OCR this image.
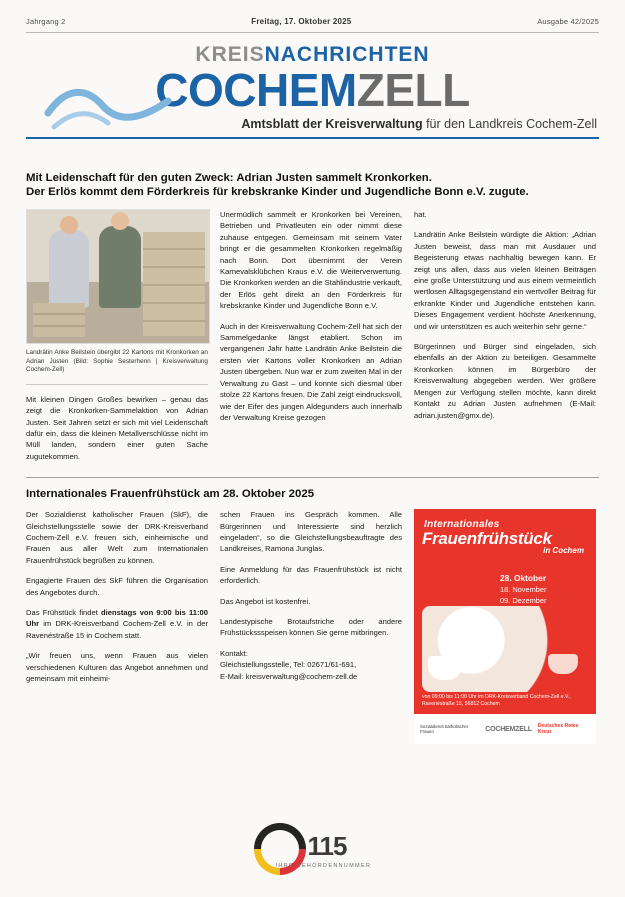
Jahrgang 2	Freitag, 17. Oktober 2025	Ausgabe 42/2025
KREISNACHRICHTEN
COCHEMZELL
Amtsblatt der Kreisverwaltung für den Landkreis Cochem-Zell
Mit Leidenschaft für den guten Zweck: Adrian Justen sammelt Kronkorken.
Der Erlös kommt dem Förderkreis für krebskranke Kinder und Jugendliche Bonn e.V. zugute.
Landrätin Anke Beilstein übergibt 22 Kartons mit Kronkorken an Adrian Justen (Bild: Sophie Sesterhenn | Kreisverwaltung Cochem-Zell)

Mit kleinen Dingen Großes bewirken – genau das zeigt die Kronkorken-Sammelaktion von Adrian Justen. Seit Jahren setzt er sich mit viel Leidenschaft dafür ein, dass die kleinen Metallverschlüsse nicht im Müll landen, sondern einer guten Sache zugutekommen.

Unermüdlich sammelt er Kronkorken bei Vereinen, Betrieben und Privatleuten ein oder nimmt diese zuhause entgegen. Gemeinsam mit seinem Vater bringt er die gesammelten Kronkorken regelmäßig nach Bonn. Dort übernimmt der Verein Karnevalsklübchen Kraus e.V. die Weiterverwertung. Die Kronkorken werden an die Stahlindustrie verkauft, der Erlös geht direkt an den Förderkreis für krebskranke Kinder und Jugendliche Bonn e.V.

Auch in der Kreisverwaltung Cochem-Zell hat sich der Sammelgedanke längst etabliert. Schon im vergangenen Jahr hatte Landrätin Anke Beilstein die ersten vier Kartons voller Kronkorken an Adrian Justen übergeben. Nun war er zum zweiten Mal in der Verwaltung zu Gast – und konnte sich diesmal über stolze 22 Kartons freuen. Die Zahl zeigt eindrucksvoll, wie der Eifer des jungen Aldegunders auch innerhalb der Verwaltung Kreise gezogen

hat.

Landrätin Anke Beilstein würdigte die Aktion: „Adrian Justen beweist, dass man mit Ausdauer und Begeisterung etwas nachhaltig bewegen kann. Er zeigt uns allen, dass aus vielen kleinen Beiträgen eine große Unterstützung und aus einem vermeintlich wertlosen Alltagsgegenstand ein wertvoller Beitrag für erkrankte Kinder und Jugendliche entstehen kann. Dieses Engagement verdient höchste Anerkennung, und wir unterstützen es auch weiterhin sehr gerne.“

Bürgerinnen und Bürger sind eingeladen, sich ebenfalls an der Aktion zu beteiligen. Gesammelte Kronkorken können im Bürgerbüro der Kreisverwaltung abgegeben werden. Wer größere Mengen zur Verfügung stellen möchte, kann direkt Kontakt zu Adrian Justen aufnehmen (E-Mail: adrian.justen@gmx.de).

Internationales Frauenfrühstück am 28. Oktober 2025

Der Sozialdienst katholischer Frauen (SkF), die Gleichstellungsstelle sowie der DRK-Kreisverband Cochem-Zell e.V. freuen sich, einheimische und Frauen aus aller Welt zum Internationalen Frauenfrühstück begrüßen zu können.

Engagierte Frauen des SkF führen die Organisation des Angebotes durch.

Das Frühstück findet dienstags von 9:00 bis 11:00 Uhr im DRK-Kreisverband Cochem-Zell e.V. in der Ravenéstraße 15 in Cochem statt.

„Wir freuen uns, wenn Frauen aus vielen verschiedenen Kulturen das Angebot annehmen und gemeinsam mit einheimi-

schen Frauen ins Gespräch kommen. Alle Bürgerinnen und Interessierte sind herzlich eingeladen“, so die Gleichstellungsbeauftragte des Landkreises, Ramona Junglas.

Eine Anmeldung für das Frauenfrühstück ist nicht erforderlich.

Das Angebot ist kostenfrei.

Landestypische Brotaufstriche oder andere Frühstückssspeisen können Sie gerne mitbringen.

Kontakt:
Gleichstellungsstelle, Tel: 02671/61-691,
E-Mail: kreisverwaltung@cochem-zell.de

Internationales
Frauenfrühstück
in Cochem
28. Oktober
18. November
09. Dezember
von 09:00 bis 11:00 Uhr im DRK-Kreisverband Cochem-Zell e.V., Ravenéstraße 15, 56812 Cochem
Sozialdienst katholischer Frauen	COCHEMZELL Deutsches Rotes Kreuz
115
IHRE BEHÖRDENNUMMER
